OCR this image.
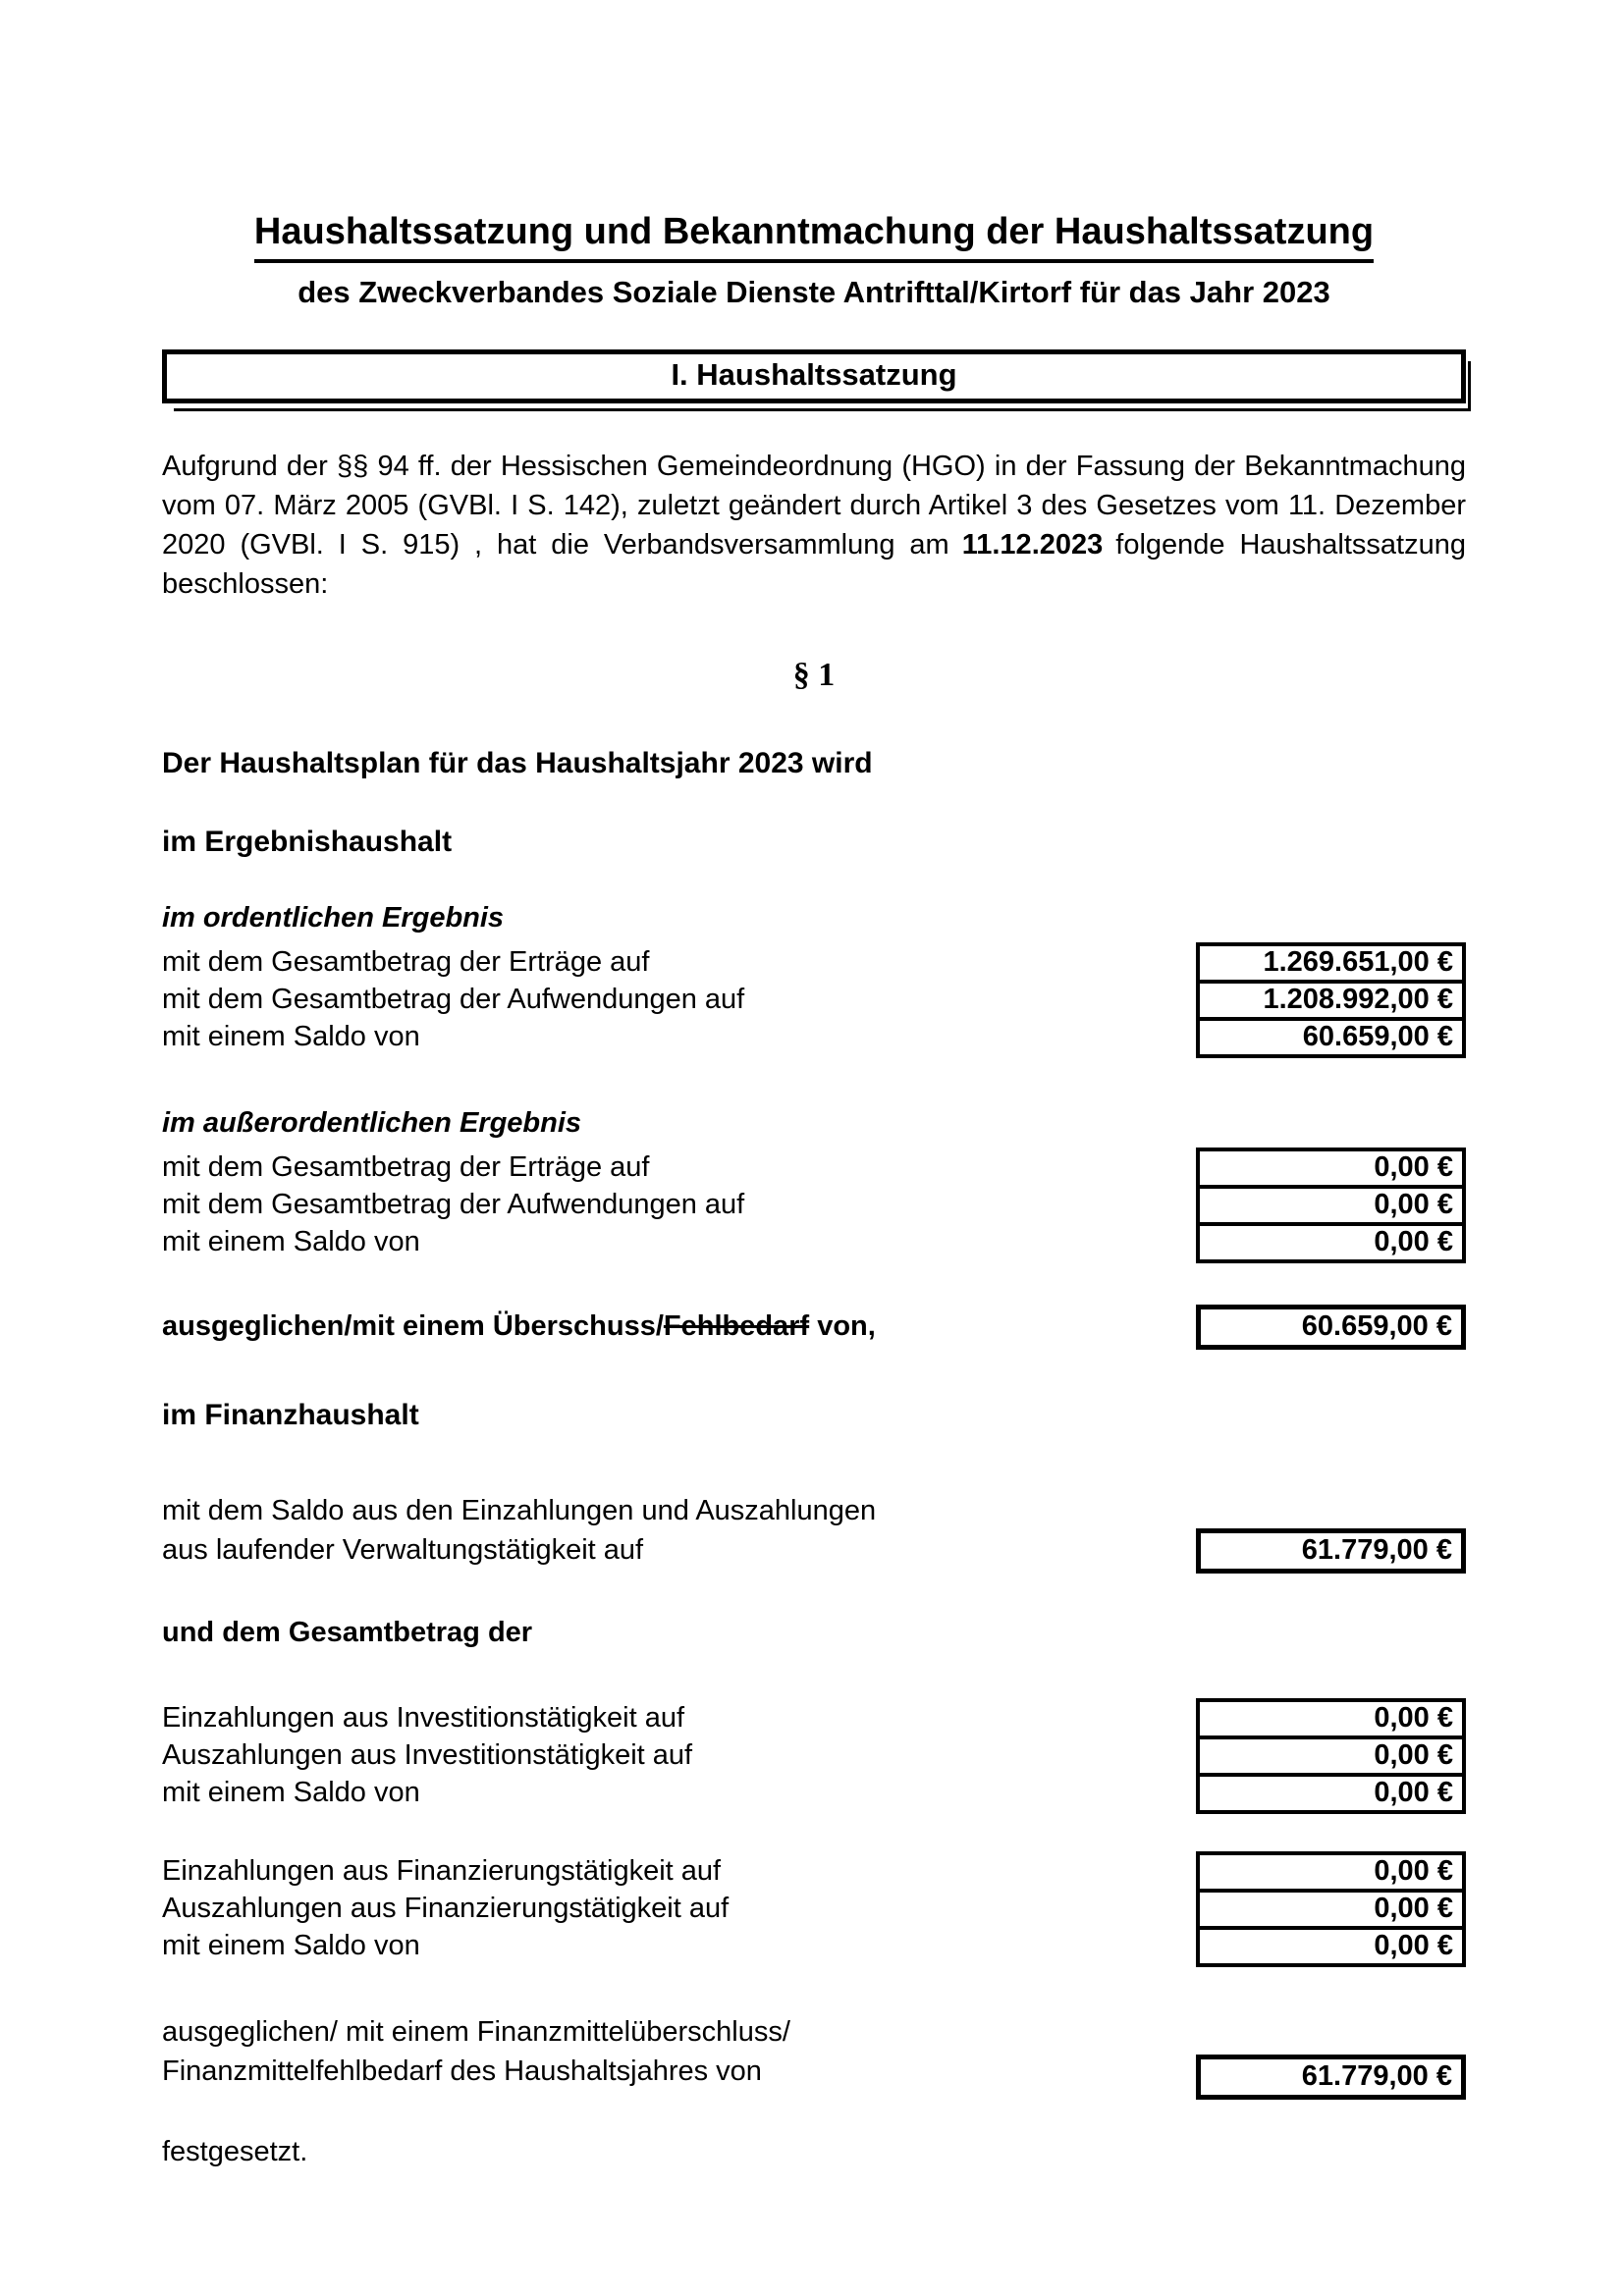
Haushaltssatzung und Bekanntmachung der Haushaltssatzung
des Zweckverbandes Soziale Dienste Antrifttal/Kirtorf für das Jahr 2023
I. Haushaltssatzung

Aufgrund der §§ 94 ff. der Hessischen Gemeindeordnung (HGO) in der Fassung der Bekanntmachung vom 07. März 2005 (GVBl. I S. 142), zuletzt geändert durch Artikel 3 des Gesetzes vom 11. Dezember 2020 (GVBl. I S. 915) , hat die Verbandsversammlung am 11.12.2023 folgende Haushaltssatzung beschlossen:

§ 1

Der Haushaltsplan für das Haushaltsjahr 2023 wird

im Ergebnishaushalt

im ordentlichen Ergebnis

mit dem Gesamtbetrag der Erträge auf	1.269.651,00 €
mit dem Gesamtbetrag der Aufwendungen auf	1.208.992,00 €
mit einem Saldo von	60.659,00 €

im außerordentlichen Ergebnis

mit dem Gesamtbetrag der Erträge auf	0,00 €
mit dem Gesamtbetrag der Aufwendungen auf	0,00 €
mit einem Saldo von	0,00 €
ausgeglichen/mit einem Überschuss/Fehlbedarf von,	60.659,00 €

im Finanzhaushalt

mit dem Saldo aus den Einzahlungen und Auszahlungen
aus laufender Verwaltungstätigkeit auf	61.779,00 €

und dem Gesamtbetrag der

Einzahlungen aus Investitionstätigkeit auf	0,00 €
Auszahlungen aus Investitionstätigkeit auf	0,00 €
mit einem Saldo von	0,00 €
Einzahlungen aus Finanzierungstätigkeit auf	0,00 €
Auszahlungen aus Finanzierungstätigkeit auf	0,00 €
mit einem Saldo von	0,00 €
ausgeglichen/ mit einem Finanzmittelüberschluss/
Finanzmittelfehlbedarf des Haushaltsjahres von	61.779,00 €

festgesetzt.
